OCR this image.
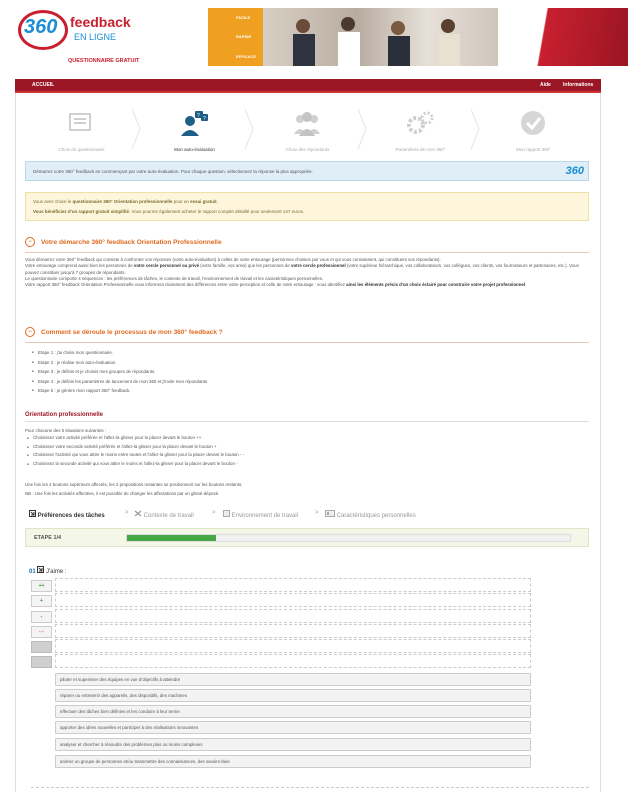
360 feedback
EN LIGNE
QUESTIONNAIRE GRATUIT
FACILE
RAPIDE
EFFICACE
ACCUEIL	Aide Informations
Choix du questionnaire
? ?
Mon auto-évaluation	Choix des répondants	Paramètres de mon 360°	Mon rapport 360°
Démarrez votre 360° feedback en commençant par votre auto-évaluation. Pour chaque question, sélectionnez la réponse la plus appropriée.	360

Vous avez choisi le questionnaire 360° Orientation professionnelle pour un essai gratuit.

Vous bénéficiez d'un rapport gratuit simplifié. Vous pourrez également acheter le rapport complet détaillé pour seulement 147 euros.

−	Votre démarche 360° feedback Orientation Professionnelle
Vous démarrez votre 360° feedback qui consiste à confronter vos réponses (votre auto-évaluation) à celles de votre entourage (personnes choisies par vous et qui vous connaissent, qui constituent vos répondants).
Votre entourage comprend aussi bien les personnes de votre cercle personnel ou privé (votre famille, vos amis) que les personnes de votre cercle professionnel (votre supérieur hiérarchique, vos collaborateurs, vos collègues, vos clients, vos fournisseurs et partenaires, etc.). Vous pouvez constituer jusqu'à 7 groupes de répondants.
Le questionnaire comporte 4 séquences : les préférences de tâches, le contexte de travail, l'environnement de travail et les caractéristiques personnelles.
Votre rapport 360° feedback Orientation Professionnelle vous informera clairement des différences entre votre perception et celle de votre entourage : vous identifiez ainsi les éléments précis d'un choix éclairé pour construire votre projet professionnel.
−	Comment se déroule le processus de mon 360° feedback ?
■ Etape 1 : j'ai choisi mon questionnaire.
■ Etape 2 : je réalise mon auto-évaluation.
■ Etape 3 : je définis et je choisis mes groupes de répondants.
■ Etape 4 : je définis les paramètres de lancement de mon 360 et j'invite mes répondants.
■ Etape 5 : je génère mon rapport 360° feedback.
Orientation professionnelle
Pour chacune des 5 situations suivantes :
■ Choisissez votre activité préférée et l'allez-la glisser pour la placer devant le bouton ++
■ Choisissez votre seconde activité préférée et l'allez-la glisser pour la placer devant le bouton +
■ Choisissez l'activité qui vous attire le moins entre toutes et l'allez-la glisser pour la placer devant le bouton - -
■ Choisissez la seconde activité qui vous attire le moins et l'allez-la glisser pour la placer devant le bouton -
Une fois les 4 boutons supérieurs affectés, les 2 propositions restantes se positionnent sur les boutons restants.
NB : Une fois les activités affectées, il est possible de changer les affectations par un glissé-déposé.
Préférences des tâches	>	Contexte de travail	>	Environnement de travail	>	Caractéristiques personnelles
ETAPE 1/4
01 J'aime :
++
+
-
- -
piloter et superviser des équipes en vue d'objectifs à atteindre
réparer ou entretenir des appareils, des dispositifs, des machines
effectuer des tâches bien définies et les conduire à leur terme
apporter des idées nouvelles et participer à des réalisations innovantes
analyser et chercher à résoudre des problèmes plus ou moins complexes
animer un groupe de personnes et/ou transmettre des connaissances, des savoirs-faire
